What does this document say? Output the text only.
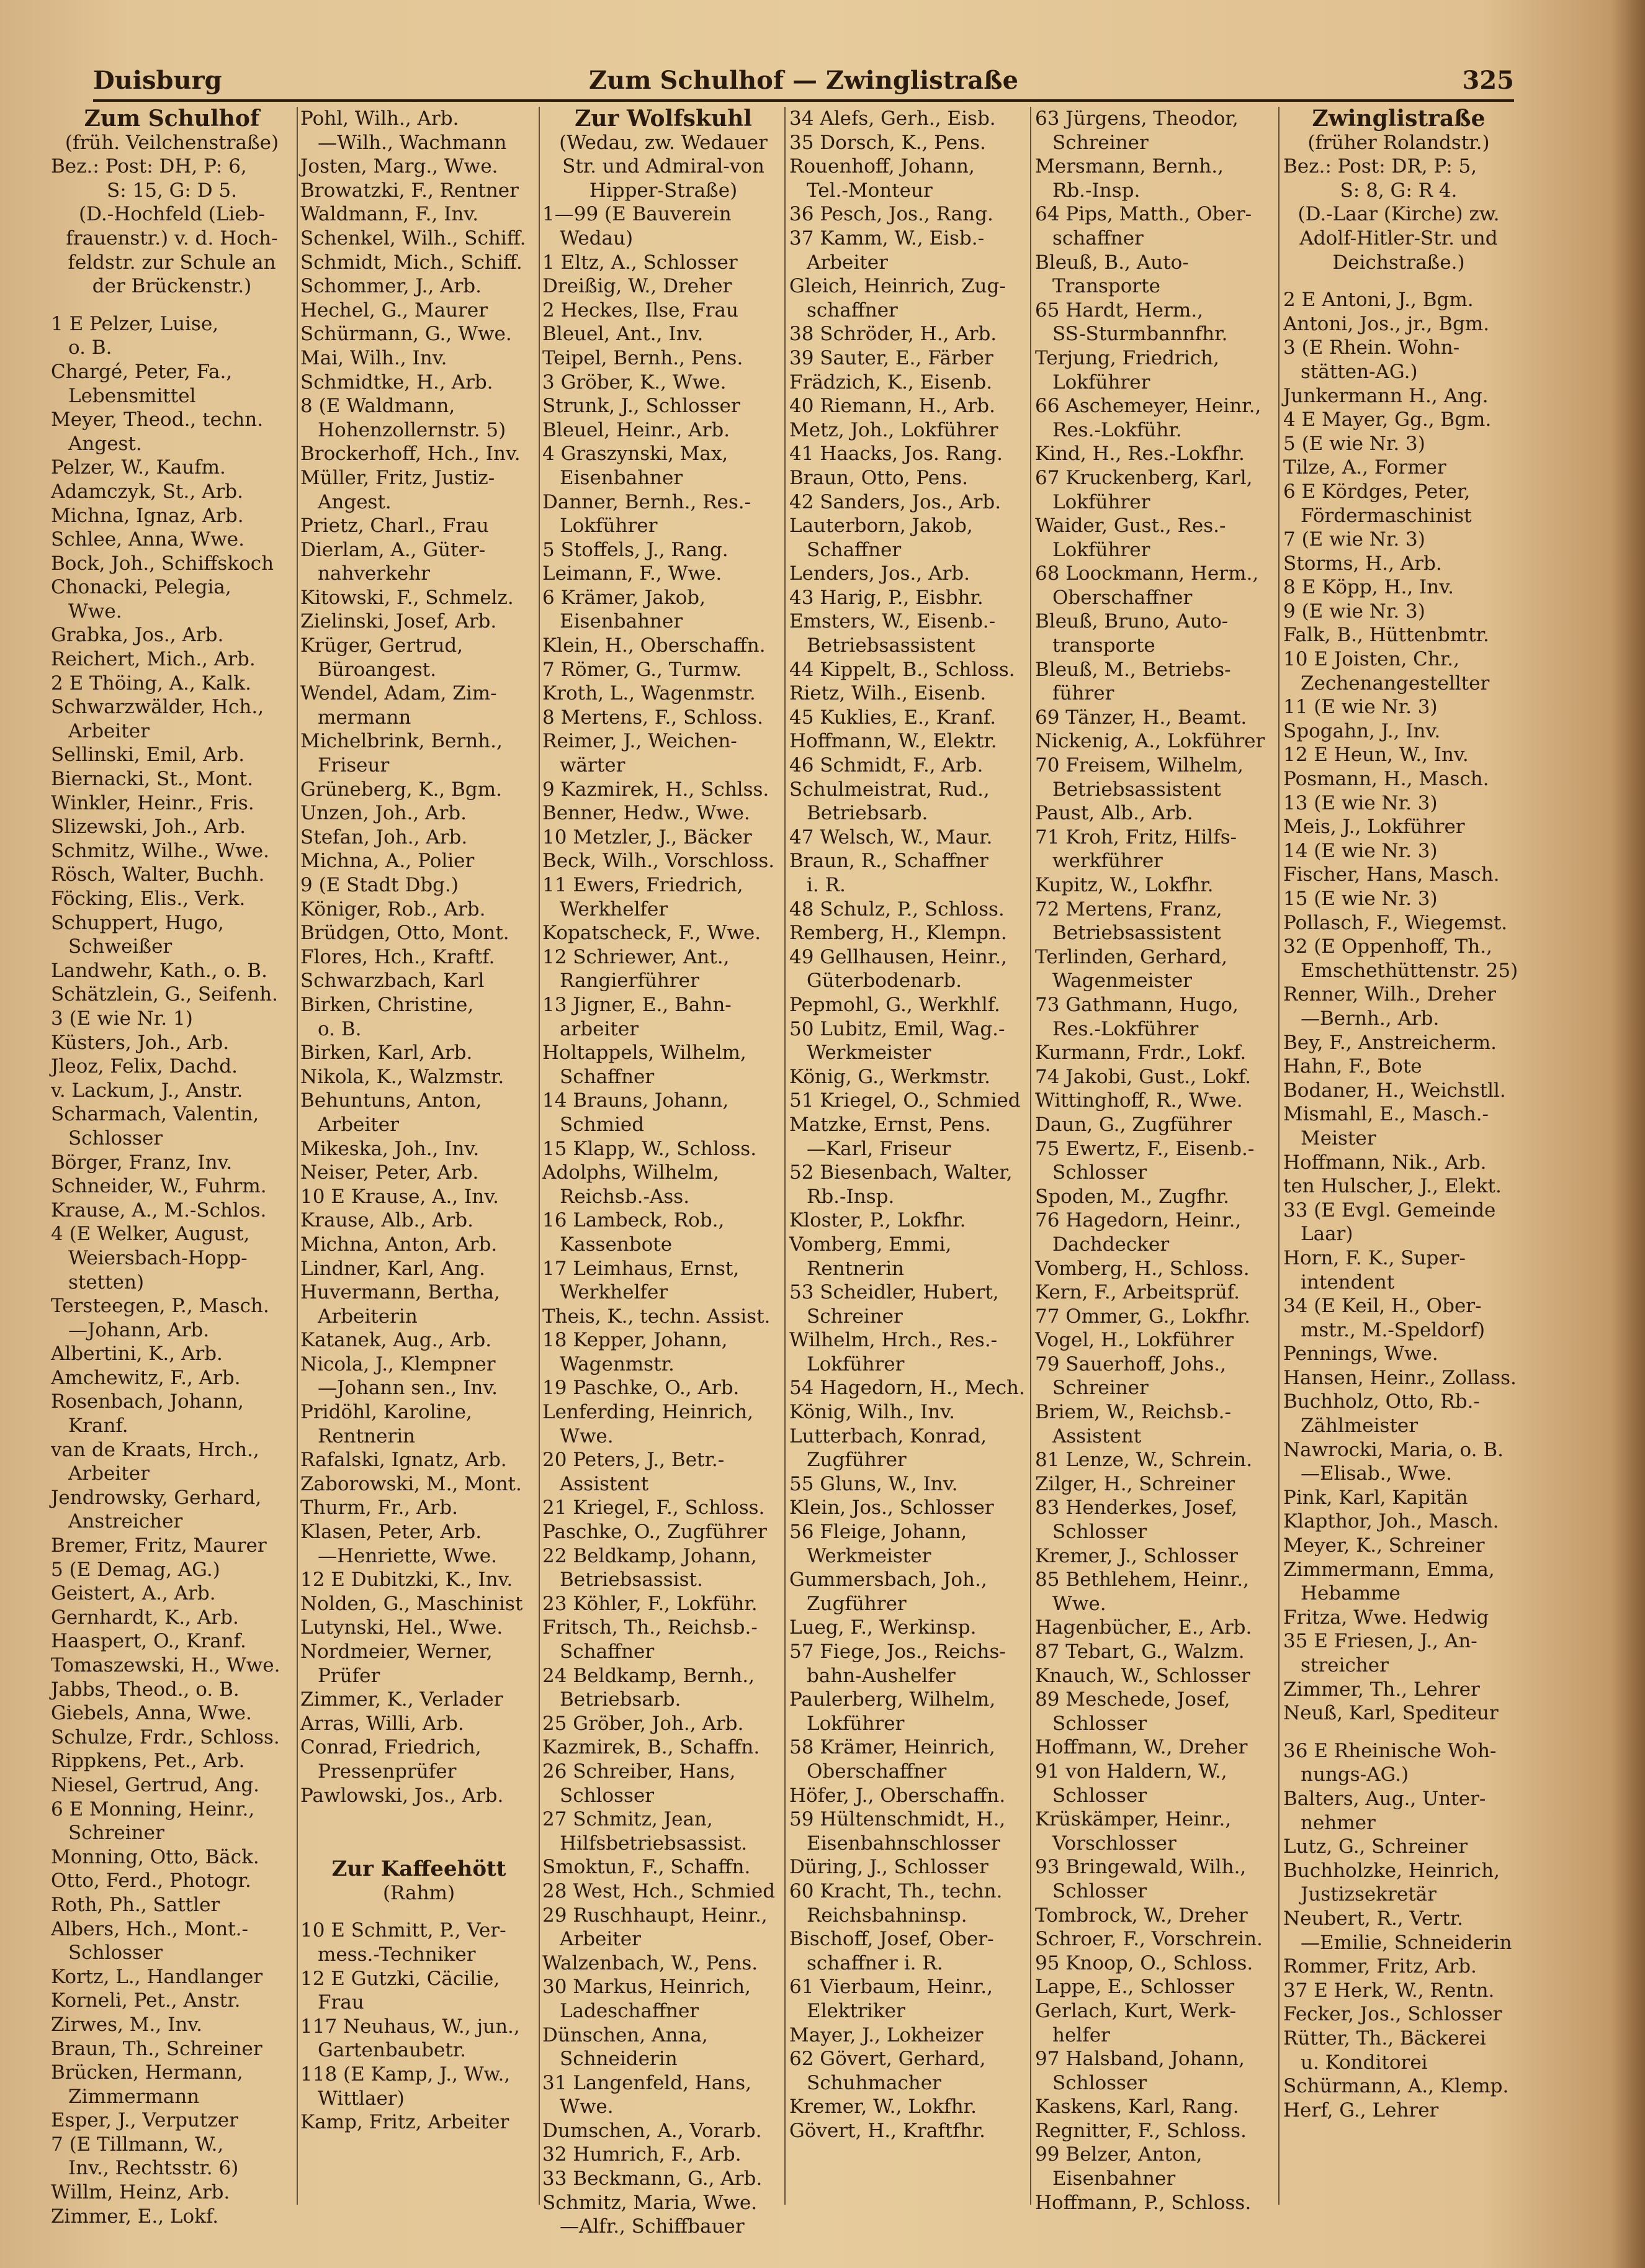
Duisburg	Zum Schulhof — Zwinglistraße	325

Zum Schulhof

(früh. Veilchenstraße)

Bez.: Post: DH, P: 6,

S: 15, G: D 5.

(D.-Hochfeld (Lieb-

frauenstr.) v. d. Hoch-

feldstr. zur Schule an

der Brückenstr.)

1 E Pelzer, Luise,

o. B.

Chargé, Peter, Fa.,

Lebensmittel

Meyer, Theod., techn.

Angest.

Pelzer, W., Kaufm.

Adamczyk, St., Arb.

Michna, Ignaz, Arb.

Schlee, Anna, Wwe.

Bock, Joh., Schiffskoch

Chonacki, Pelegia,

Wwe.

Grabka, Jos., Arb.

Reichert, Mich., Arb.

2 E Thöing, A., Kalk.

Schwarzwälder, Hch.,

Arbeiter

Sellinski, Emil, Arb.

Biernacki, St., Mont.

Winkler, Heinr., Fris.

Slizewski, Joh., Arb.

Schmitz, Wilhe., Wwe.

Rösch, Walter, Buchh.

Föcking, Elis., Verk.

Schuppert, Hugo,

Schweißer

Landwehr, Kath., o. B.

Schätzlein, G., Seifenh.

3 (E wie Nr. 1)

Küsters, Joh., Arb.

Jleoz, Felix, Dachd.

v. Lackum, J., Anstr.

Scharmach, Valentin,

Schlosser

Börger, Franz, Inv.

Schneider, W., Fuhrm.

Krause, A., M.-Schlos.

4 (E Welker, August,

Weiersbach-Hopp-

stetten)

Tersteegen, P., Masch.

—Johann, Arb.

Albertini, K., Arb.

Amchewitz, F., Arb.

Rosenbach, Johann,

Kranf.

van de Kraats, Hrch.,

Arbeiter

Jendrowsky, Gerhard,

Anstreicher

Bremer, Fritz, Maurer

5 (E Demag, AG.)

Geistert, A., Arb.

Gernhardt, K., Arb.

Haaspert, O., Kranf.

Tomaszewski, H., Wwe.

Jabbs, Theod., o. B.

Giebels, Anna, Wwe.

Schulze, Frdr., Schloss.

Rippkens, Pet., Arb.

Niesel, Gertrud, Ang.

6 E Monning, Heinr.,

Schreiner

Monning, Otto, Bäck.

Otto, Ferd., Photogr.

Roth, Ph., Sattler

Albers, Hch., Mont.-

Schlosser

Kortz, L., Handlanger

Korneli, Pet., Anstr.

Zirwes, M., Inv.

Braun, Th., Schreiner

Brücken, Hermann,

Zimmermann

Esper, J., Verputzer

7 (E Tillmann, W.,

Inv., Rechtsstr. 6)

Willm, Heinz, Arb.

Zimmer, E., Lokf.

Pohl, Wilh., Arb.

—Wilh., Wachmann

Josten, Marg., Wwe.

Browatzki, F., Rentner

Waldmann, F., Inv.

Schenkel, Wilh., Schiff.

Schmidt, Mich., Schiff.

Schommer, J., Arb.

Hechel, G., Maurer

Schürmann, G., Wwe.

Mai, Wilh., Inv.

Schmidtke, H., Arb.

8 (E Waldmann,

Hohenzollernstr. 5)

Brockerhoff, Hch., Inv.

Müller, Fritz, Justiz-

Angest.

Prietz, Charl., Frau

Dierlam, A., Güter-

nahverkehr

Kitowski, F., Schmelz.

Zielinski, Josef, Arb.

Krüger, Gertrud,

Büroangest.

Wendel, Adam, Zim-

mermann

Michelbrink, Bernh.,

Friseur

Grüneberg, K., Bgm.

Unzen, Joh., Arb.

Stefan, Joh., Arb.

Michna, A., Polier

9 (E Stadt Dbg.)

Königer, Rob., Arb.

Brüdgen, Otto, Mont.

Flores, Hch., Kraftf.

Schwarzbach, Karl

Birken, Christine,

o. B.

Birken, Karl, Arb.

Nikola, K., Walzmstr.

Behuntuns, Anton,

Arbeiter

Mikeska, Joh., Inv.

Neiser, Peter, Arb.

10 E Krause, A., Inv.

Krause, Alb., Arb.

Michna, Anton, Arb.

Lindner, Karl, Ang.

Huvermann, Bertha,

Arbeiterin

Katanek, Aug., Arb.

Nicola, J., Klempner

—Johann sen., Inv.

Pridöhl, Karoline,

Rentnerin

Rafalski, Ignatz, Arb.

Zaborowski, M., Mont.

Thurm, Fr., Arb.

Klasen, Peter, Arb.

—Henriette, Wwe.

12 E Dubitzki, K., Inv.

Nolden, G., Maschinist

Lutynski, Hel., Wwe.

Nordmeier, Werner,

Prüfer

Zimmer, K., Verlader

Arras, Willi, Arb.

Conrad, Friedrich,

Pressenprüfer

Pawlowski, Jos., Arb.

Zur Kaffeehött

(Rahm)

10 E Schmitt, P., Ver-

mess.-Techniker

12 E Gutzki, Cäcilie,

Frau

117 Neuhaus, W., jun.,

Gartenbaubetr.

118 (E Kamp, J., Ww.,

Wittlaer)

Kamp, Fritz, Arbeiter

Zur Wolfskuhl

(Wedau, zw. Wedauer

Str. und Admiral-von

Hipper-Straße)

1—99 (E Bauverein

Wedau)

1 Eltz, A., Schlosser

Dreißig, W., Dreher

2 Heckes, Ilse, Frau

Bleuel, Ant., Inv.

Teipel, Bernh., Pens.

3 Gröber, K., Wwe.

Strunk, J., Schlosser

Bleuel, Heinr., Arb.

4 Graszynski, Max,

Eisenbahner

Danner, Bernh., Res.-

Lokführer

5 Stoffels, J., Rang.

Leimann, F., Wwe.

6 Krämer, Jakob,

Eisenbahner

Klein, H., Oberschaffn.

7 Römer, G., Turmw.

Kroth, L., Wagenmstr.

8 Mertens, F., Schloss.

Reimer, J., Weichen-

wärter

9 Kazmirek, H., Schlss.

Benner, Hedw., Wwe.

10 Metzler, J., Bäcker

Beck, Wilh., Vorschloss.

11 Ewers, Friedrich,

Werkhelfer

Kopatscheck, F., Wwe.

12 Schriewer, Ant.,

Rangierführer

13 Jigner, E., Bahn-

arbeiter

Holtappels, Wilhelm,

Schaffner

14 Brauns, Johann,

Schmied

15 Klapp, W., Schloss.

Adolphs, Wilhelm,

Reichsb.-Ass.

16 Lambeck, Rob.,

Kassenbote

17 Leimhaus, Ernst,

Werkhelfer

Theis, K., techn. Assist.

18 Kepper, Johann,

Wagenmstr.

19 Paschke, O., Arb.

Lenferding, Heinrich,

Wwe.

20 Peters, J., Betr.-

Assistent

21 Kriegel, F., Schloss.

Paschke, O., Zugführer

22 Beldkamp, Johann,

Betriebsassist.

23 Köhler, F., Lokführ.

Fritsch, Th., Reichsb.-

Schaffner

24 Beldkamp, Bernh.,

Betriebsarb.

25 Gröber, Joh., Arb.

Kazmirek, B., Schaffn.

26 Schreiber, Hans,

Schlosser

27 Schmitz, Jean,

Hilfsbetriebsassist.

Smoktun, F., Schaffn.

28 West, Hch., Schmied

29 Ruschhaupt, Heinr.,

Arbeiter

Walzenbach, W., Pens.

30 Markus, Heinrich,

Ladeschaffner

Dünschen, Anna,

Schneiderin

31 Langenfeld, Hans,

Wwe.

Dumschen, A., Vorarb.

32 Humrich, F., Arb.

33 Beckmann, G., Arb.

Schmitz, Maria, Wwe.

—Alfr., Schiffbauer

34 Alefs, Gerh., Eisb.

35 Dorsch, K., Pens.

Rouenhoff, Johann,

Tel.-Monteur

36 Pesch, Jos., Rang.

37 Kamm, W., Eisb.-

Arbeiter

Gleich, Heinrich, Zug-

schaffner

38 Schröder, H., Arb.

39 Sauter, E., Färber

Frädzich, K., Eisenb.

40 Riemann, H., Arb.

Metz, Joh., Lokführer

41 Haacks, Jos. Rang.

Braun, Otto, Pens.

42 Sanders, Jos., Arb.

Lauterborn, Jakob,

Schaffner

Lenders, Jos., Arb.

43 Harig, P., Eisbhr.

Emsters, W., Eisenb.-

Betriebsassistent

44 Kippelt, B., Schloss.

Rietz, Wilh., Eisenb.

45 Kuklies, E., Kranf.

Hoffmann, W., Elektr.

46 Schmidt, F., Arb.

Schulmeistrat, Rud.,

Betriebsarb.

47 Welsch, W., Maur.

Braun, R., Schaffner

i. R.

48 Schulz, P., Schloss.

Remberg, H., Klempn.

49 Gellhausen, Heinr.,

Güterbodenarb.

Pepmohl, G., Werkhlf.

50 Lubitz, Emil, Wag.-

Werkmeister

König, G., Werkmstr.

51 Kriegel, O., Schmied

Matzke, Ernst, Pens.

—Karl, Friseur

52 Biesenbach, Walter,

Rb.-Insp.

Kloster, P., Lokfhr.

Vomberg, Emmi,

Rentnerin

53 Scheidler, Hubert,

Schreiner

Wilhelm, Hrch., Res.-

Lokführer

54 Hagedorn, H., Mech.

König, Wilh., Inv.

Lutterbach, Konrad,

Zugführer

55 Gluns, W., Inv.

Klein, Jos., Schlosser

56 Fleige, Johann,

Werkmeister

Gummersbach, Joh.,

Zugführer

Lueg, F., Werkinsp.

57 Fiege, Jos., Reichs-

bahn-Aushelfer

Paulerberg, Wilhelm,

Lokführer

58 Krämer, Heinrich,

Oberschaffner

Höfer, J., Oberschaffn.

59 Hültenschmidt, H.,

Eisenbahnschlosser

Düring, J., Schlosser

60 Kracht, Th., techn.

Reichsbahninsp.

Bischoff, Josef, Ober-

schaffner i. R.

61 Vierbaum, Heinr.,

Elektriker

Mayer, J., Lokheizer

62 Gövert, Gerhard,

Schuhmacher

Kremer, W., Lokfhr.

Gövert, H., Kraftfhr.

63 Jürgens, Theodor,

Schreiner

Mersmann, Bernh.,

Rb.-Insp.

64 Pips, Matth., Ober-

schaffner

Bleuß, B., Auto-

Transporte

65 Hardt, Herm.,

SS-Sturmbannfhr.

Terjung, Friedrich,

Lokführer

66 Aschemeyer, Heinr.,

Res.-Lokführ.

Kind, H., Res.-Lokfhr.

67 Kruckenberg, Karl,

Lokführer

Waider, Gust., Res.-

Lokführer

68 Loockmann, Herm.,

Oberschaffner

Bleuß, Bruno, Auto-

transporte

Bleuß, M., Betriebs-

führer

69 Tänzer, H., Beamt.

Nickenig, A., Lokführer

70 Freisem, Wilhelm,

Betriebsassistent

Paust, Alb., Arb.

71 Kroh, Fritz, Hilfs-

werkführer

Kupitz, W., Lokfhr.

72 Mertens, Franz,

Betriebsassistent

Terlinden, Gerhard,

Wagenmeister

73 Gathmann, Hugo,

Res.-Lokführer

Kurmann, Frdr., Lokf.

74 Jakobi, Gust., Lokf.

Wittinghoff, R., Wwe.

Daun, G., Zugführer

75 Ewertz, F., Eisenb.-

Schlosser

Spoden, M., Zugfhr.

76 Hagedorn, Heinr.,

Dachdecker

Vomberg, H., Schloss.

Kern, F., Arbeitsprüf.

77 Ommer, G., Lokfhr.

Vogel, H., Lokführer

79 Sauerhoff, Johs.,

Schreiner

Briem, W., Reichsb.-

Assistent

81 Lenze, W., Schrein.

Zilger, H., Schreiner

83 Henderkes, Josef,

Schlosser

Kremer, J., Schlosser

85 Bethlehem, Heinr.,

Wwe.

Hagenbücher, E., Arb.

87 Tebart, G., Walzm.

Knauch, W., Schlosser

89 Meschede, Josef,

Schlosser

Hoffmann, W., Dreher

91 von Haldern, W.,

Schlosser

Krüskämper, Heinr.,

Vorschlosser

93 Bringewald, Wilh.,

Schlosser

Tombrock, W., Dreher

Schroer, F., Vorschrein.

95 Knoop, O., Schloss.

Lappe, E., Schlosser

Gerlach, Kurt, Werk-

helfer

97 Halsband, Johann,

Schlosser

Kaskens, Karl, Rang.

Regnitter, F., Schloss.

99 Belzer, Anton,

Eisenbahner

Hoffmann, P., Schloss.

Zwinglistraße

(früher Rolandstr.)

Bez.: Post: DR, P: 5,

S: 8, G: R 4.

(D.-Laar (Kirche) zw.

Adolf-Hitler-Str. und

Deichstraße.)

2 E Antoni, J., Bgm.

Antoni, Jos., jr., Bgm.

3 (E Rhein. Wohn-

stätten-AG.)

Junkermann H., Ang.

4 E Mayer, Gg., Bgm.

5 (E wie Nr. 3)

Tilze, A., Former

6 E Kördges, Peter,

Fördermaschinist

7 (E wie Nr. 3)

Storms, H., Arb.

8 E Köpp, H., Inv.

9 (E wie Nr. 3)

Falk, B., Hüttenbmtr.

10 E Joisten, Chr.,

Zechenangestellter

11 (E wie Nr. 3)

Spogahn, J., Inv.

12 E Heun, W., Inv.

Posmann, H., Masch.

13 (E wie Nr. 3)

Meis, J., Lokführer

14 (E wie Nr. 3)

Fischer, Hans, Masch.

15 (E wie Nr. 3)

Pollasch, F., Wiegemst.

32 (E Oppenhoff, Th.,

Emschethüttenstr. 25)

Renner, Wilh., Dreher

—Bernh., Arb.

Bey, F., Anstreicherm.

Hahn, F., Bote

Bodaner, H., Weichstll.

Mismahl, E., Masch.-

Meister

Hoffmann, Nik., Arb.

ten Hulscher, J., Elekt.

33 (E Evgl. Gemeinde

Laar)

Horn, F. K., Super-

intendent

34 (E Keil, H., Ober-

mstr., M.-Speldorf)

Pennings, Wwe.

Hansen, Heinr., Zollass.

Buchholz, Otto, Rb.-

Zählmeister

Nawrocki, Maria, o. B.

—Elisab., Wwe.

Pink, Karl, Kapitän

Klapthor, Joh., Masch.

Meyer, K., Schreiner

Zimmermann, Emma,

Hebamme

Fritza, Wwe. Hedwig

35 E Friesen, J., An-

streicher

Zimmer, Th., Lehrer

Neuß, Karl, Spediteur

36 E Rheinische Woh-

nungs-AG.)

Balters, Aug., Unter-

nehmer

Lutz, G., Schreiner

Buchholzke, Heinrich,

Justizsekretär

Neubert, R., Vertr.

—Emilie, Schneiderin

Rommer, Fritz, Arb.

37 E Herk, W., Rentn.

Fecker, Jos., Schlosser

Rütter, Th., Bäckerei

u. Konditorei

Schürmann, A., Klemp.

Herf, G., Lehrer
